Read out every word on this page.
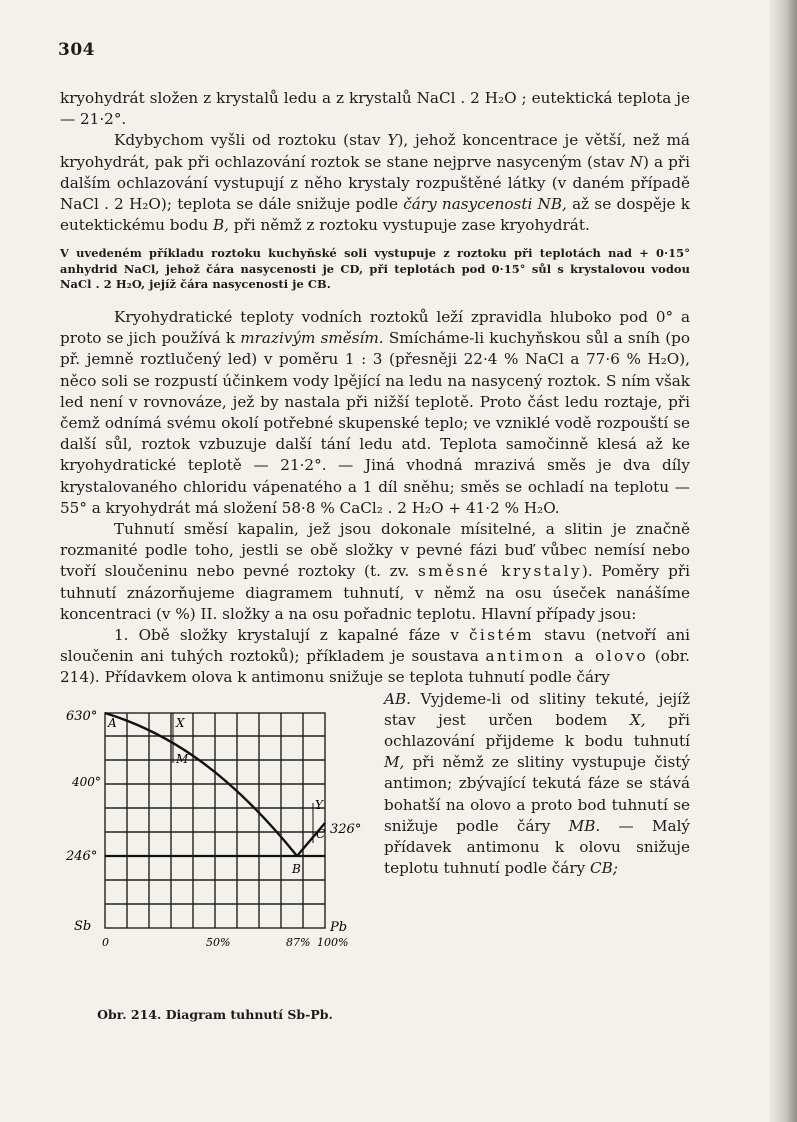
304

kryohydrát složen z krystalů ledu a z krystalů NaCl . 2 H₂O ; eutektická teplota je — 21·2°.

Kdybychom vyšli od roztoku (stav Y), jehož koncentrace je větší, než má kryohydrát, pak při ochlazování roztok se stane nejprve nasyceným (stav N) a při dalším ochlazování vystupují z něho krystaly rozpuštěné látky (v daném případě NaCl . 2 H₂O); teplota se dále snižuje podle čáry nasycenosti NB, až se dospěje k eutektickému bodu B, při němž z roztoku vystupuje zase kryohydrát.

V uvedeném příkladu roztoku kuchyňské soli vystupuje z roztoku při teplotách nad + 0·15° anhydrid NaCl, jehož čára nasycenosti je CD, při teplotách pod 0·15° sůl s krystalovou vodou NaCl . 2 H₂O, jejíž čára nasycenosti je CB.

Kryohydratické teploty vodních roztoků leží zpravidla hluboko pod 0° a proto se jich používá k mrazivým směsím. Smícháme-li kuchyňskou sůl a sníh (po př. jemně roztlučený led) v poměru 1 : 3 (přesněji 22·4 % NaCl a 77·6 % H₂O), něco soli se rozpustí účinkem vody lpějící na ledu na nasycený roztok. S ním však led není v rovnováze, jež by nastala při nižší teplotě. Proto část ledu roztaje, při čemž odnímá svému okolí potřebné skupenské teplo; ve vzniklé vodě rozpouští se další sůl, roztok vzbuzuje další tání ledu atd. Teplota samočinně klesá až ke kryohydratické teplotě — 21·2°. — Jiná vhodná mrazivá směs je dva díly krystalovaného chloridu vápenatého a 1 díl sněhu; směs se ochladí na teplotu — 55° a kryohydrát má složení 58·8 % CaCl₂ . 2 H₂O + 41·2 % H₂O.

Tuhnutí směsí kapalin, jež jsou dokonale mísitelné, a slitin je značně rozmanité podle toho, jestli se obě složky v pevné fázi buď vůbec nemísí nebo tvoří sloučeninu nebo pevné roztoky (t. zv. směsné krystaly). Poměry při tuhnutí znázorňujeme diagramem tuhnutí, v němž na osu úseček nanášíme koncentraci (v %) II. složky a na osu pořadnic teplotu. Hlavní případy jsou:

1. Obě složky krystalují z kapalné fáze v čistém stavu (netvoří ani sloučenin ani tuhých roztoků); příkladem je soustava antimon a olovo (obr. 214). Přídavkem olova k antimonu snižuje se teplota tuhnutí podle čáry

630°
400°
246°
Sb
0	50%	87% 100%
Pb
326°
A	X
M
Y
C
B
Obr. 214. Diagram tuhnutí Sb-Pb.

AB. Vyjdeme-li od slitiny tekuté, jejíž stav jest určen bodem X, při ochlazování přijdeme k bodu tuhnutí M, při němž ze slitiny vystupuje čistý antimon; zbývající tekutá fáze se stává bohatší na olovo a proto bod tuhnutí se snižuje podle čáry MB. — Malý přídavek antimonu k olovu snižuje teplotu tuhnutí podle čáry CB;
